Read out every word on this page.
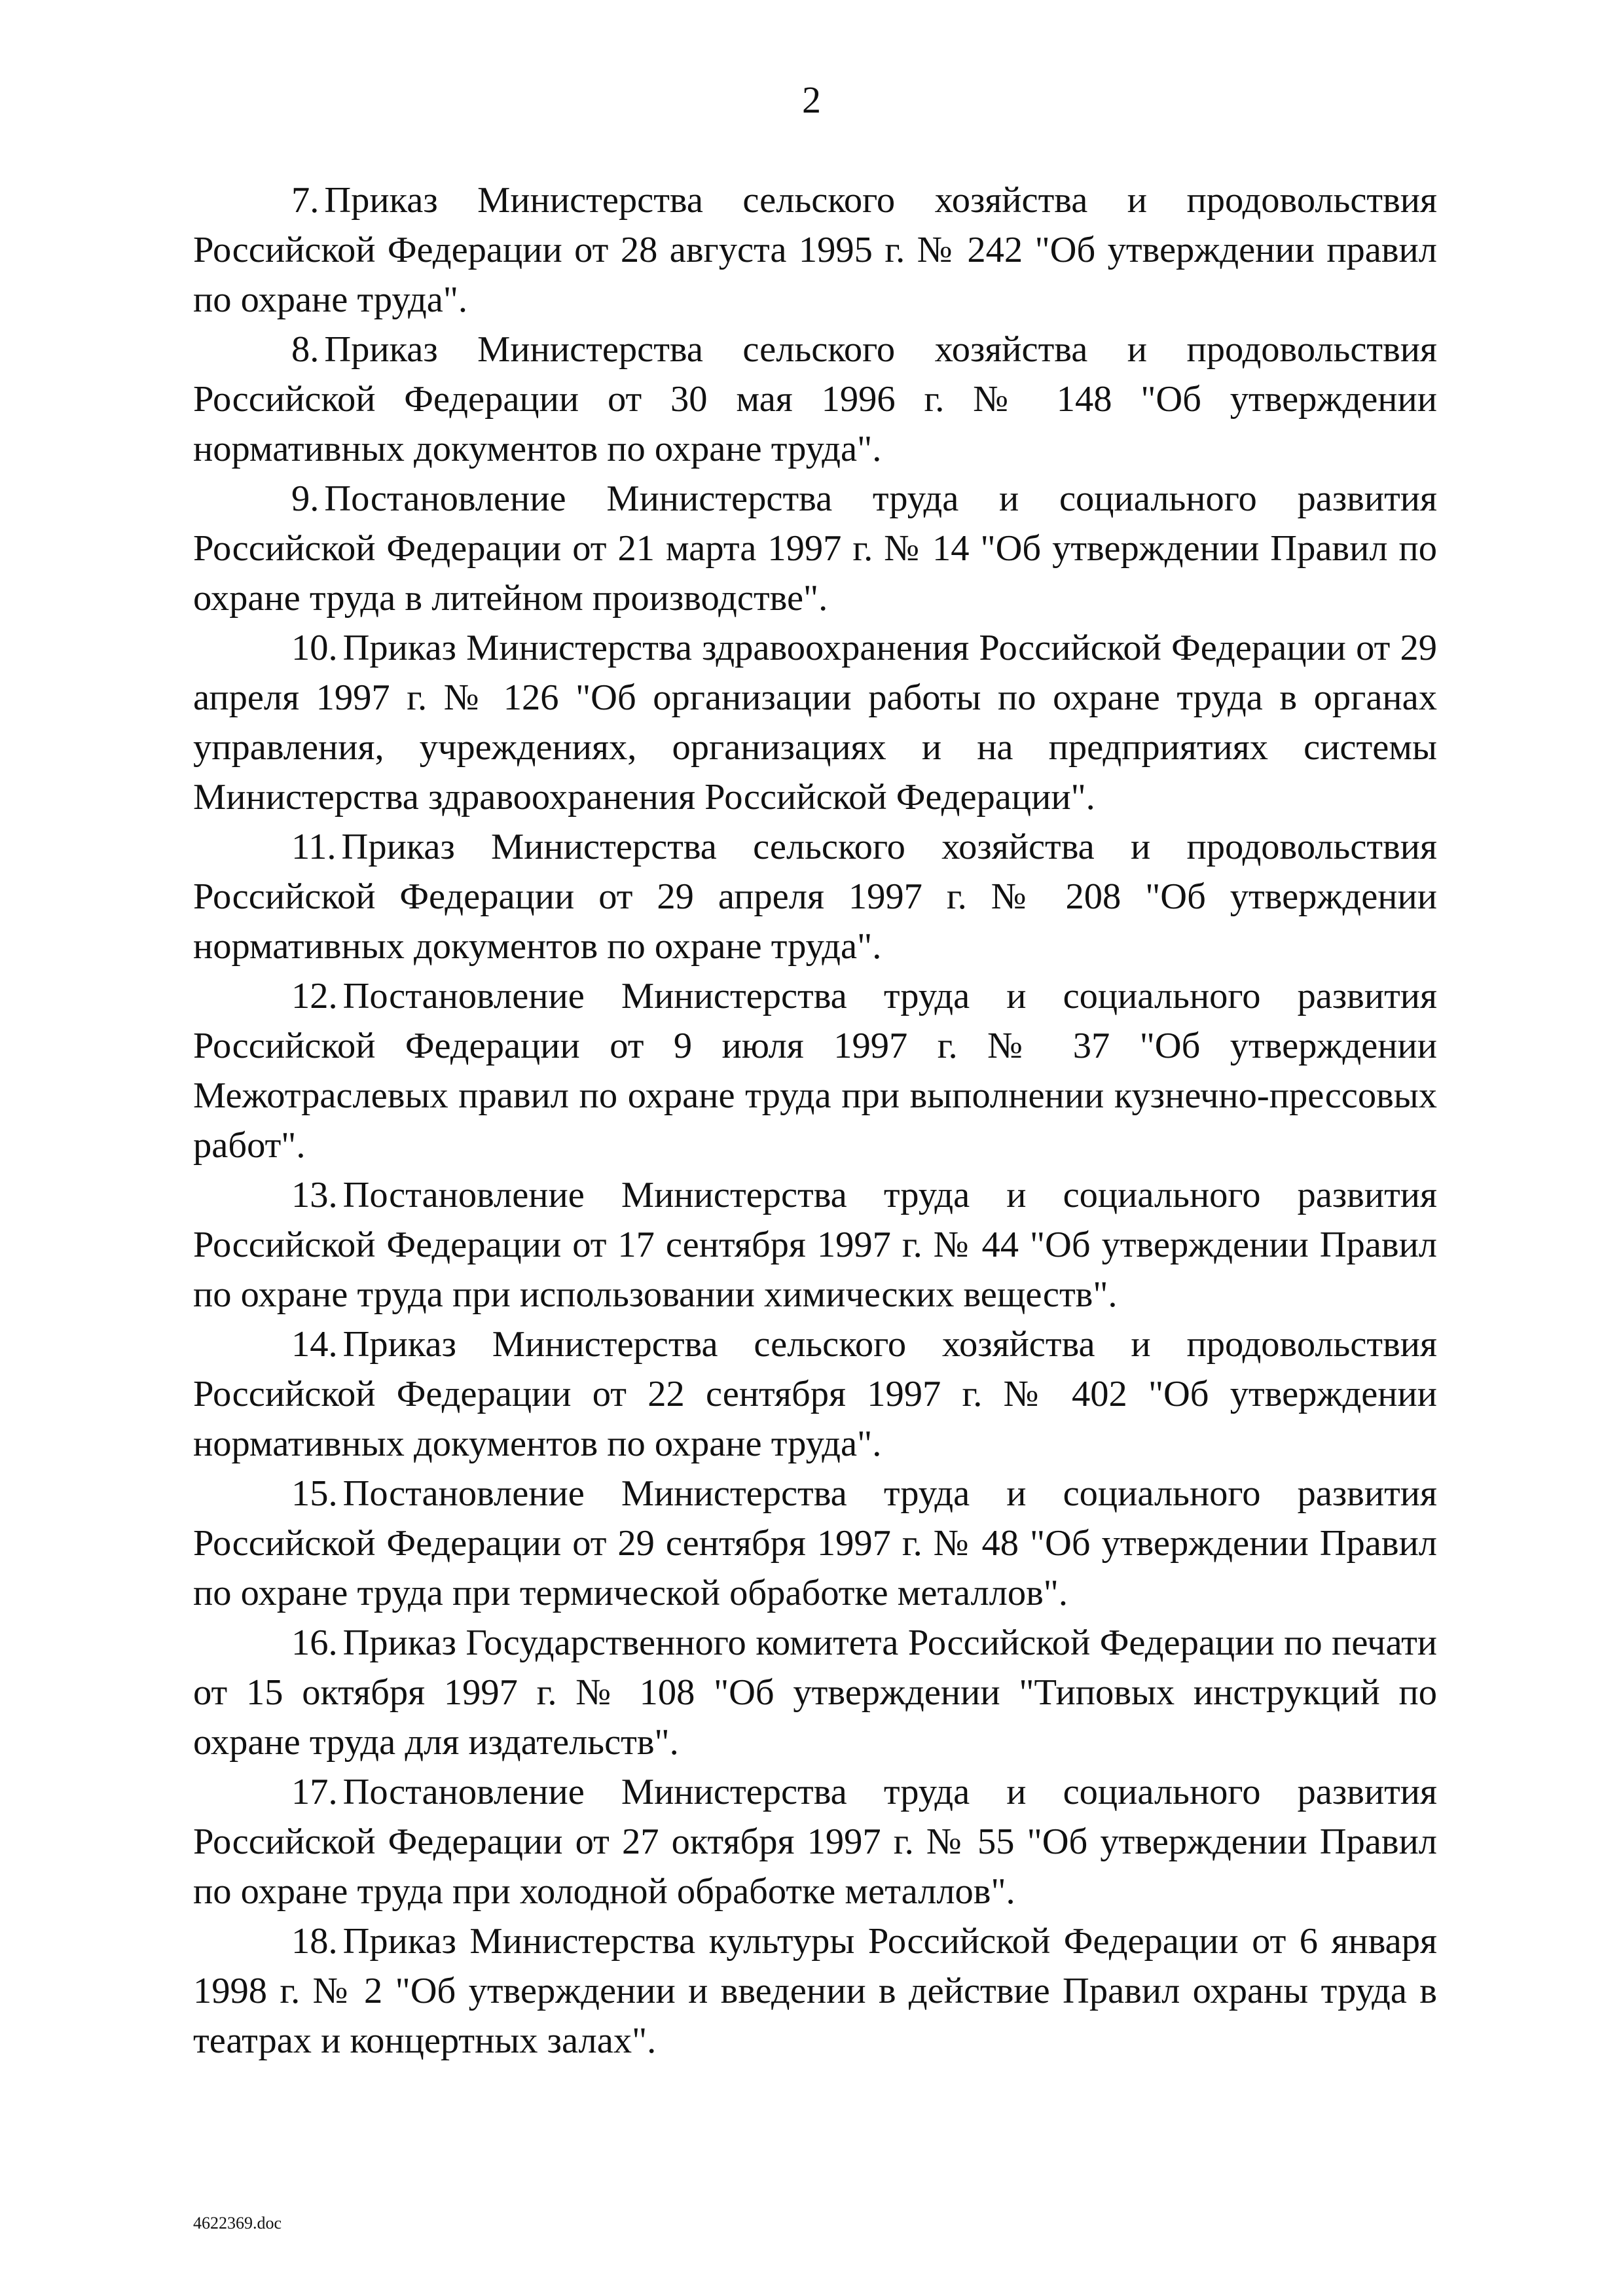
2

7. Приказ Министерства сельского хозяйства и продовольствия Российской Федерации от 28 августа 1995 г. № 242 "Об утверждении правил по охране труда".

8. Приказ Министерства сельского хозяйства и продовольствия Российской Федерации от 30 мая 1996 г. № 148 "Об утверждении нормативных документов по охране труда".

9. Постановление Министерства труда и социального развития Российской Федерации от 21 марта 1997 г. № 14 "Об утверждении Правил по охране труда в литейном производстве".

10. Приказ Министерства здравоохранения Российской Федерации от 29 апреля 1997 г. № 126 "Об организации работы по охране труда в органах управления, учреждениях, организациях и на предприятиях системы Министерства здравоохранения Российской Федерации".

11. Приказ Министерства сельского хозяйства и продовольствия Российской Федерации от 29 апреля 1997 г. № 208 "Об утверждении нормативных документов по охране труда".

12. Постановление Министерства труда и социального развития Российской Федерации от 9 июля 1997 г. № 37 "Об утверждении Межотраслевых правил по охране труда при выполнении кузнечно-прессовых работ".

13. Постановление Министерства труда и социального развития Российской Федерации от 17 сентября 1997 г. № 44 "Об утверждении Правил по охране труда при использовании химических веществ".

14. Приказ Министерства сельского хозяйства и продовольствия Российской Федерации от 22 сентября 1997 г. № 402 "Об утверждении нормативных документов по охране труда".

15. Постановление Министерства труда и социального развития Российской Федерации от 29 сентября 1997 г. № 48 "Об утверждении Правил по охране труда при термической обработке металлов".

16. Приказ Государственного комитета Российской Федерации по печати от 15 октября 1997 г. № 108 "Об утверждении "Типовых инструкций по охране труда для издательств".

17. Постановление Министерства труда и социального развития Российской Федерации от 27 октября 1997 г. № 55 "Об утверждении Правил по охране труда при холодной обработке металлов".

18. Приказ Министерства культуры Российской Федерации от 6 января 1998 г. № 2 "Об утверждении и введении в действие Правил охраны труда в театрах и концертных залах".

4622369.doc
